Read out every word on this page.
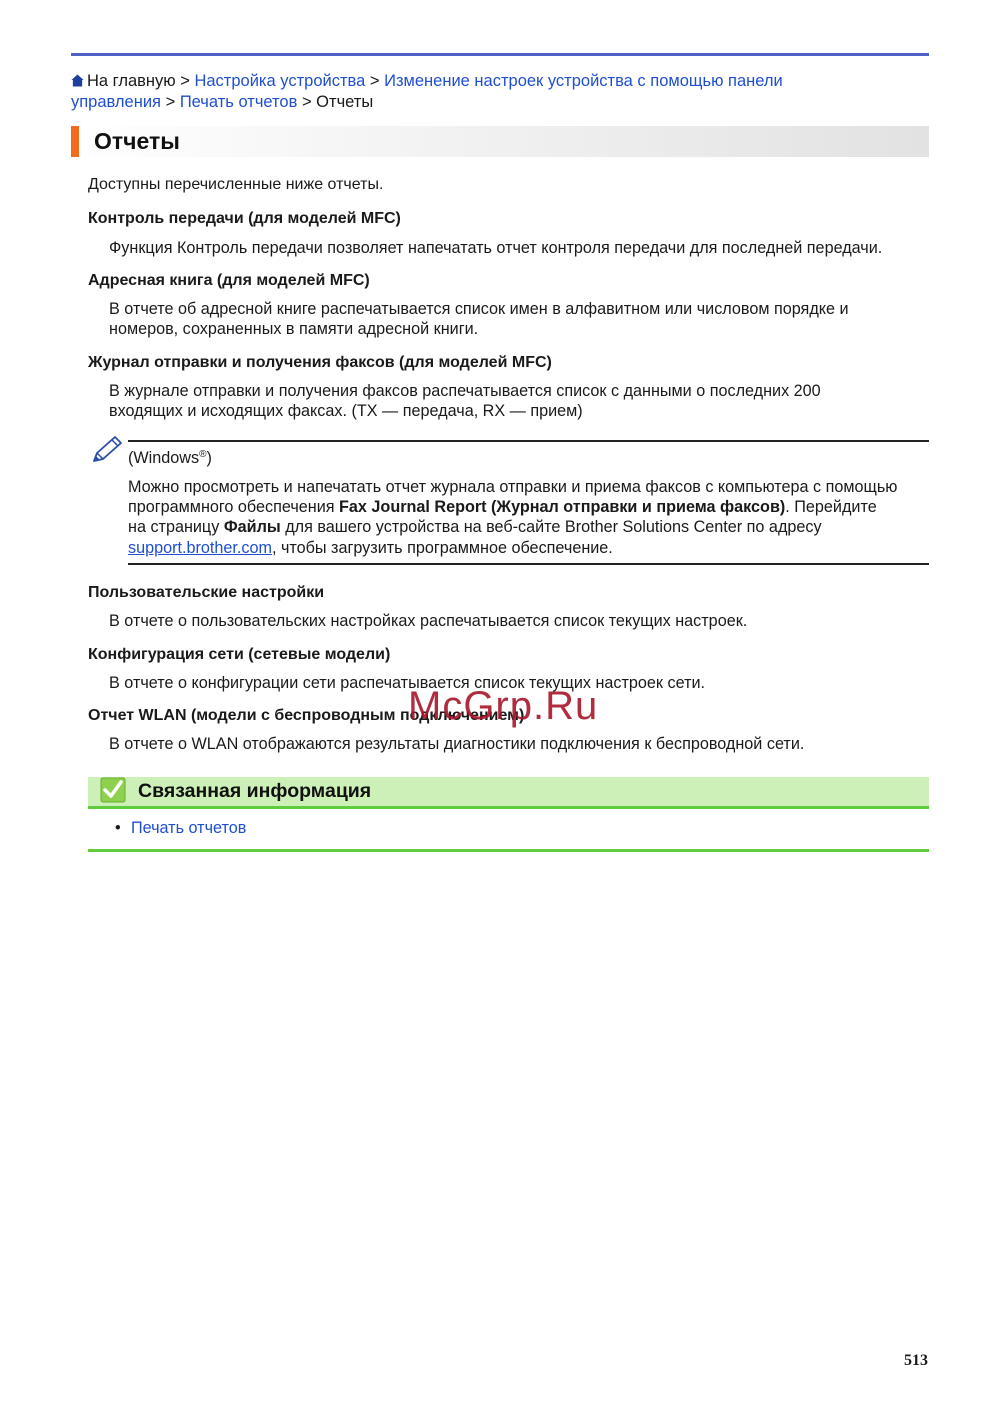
На главную > Настройка устройства > Изменение настроек устройства с помощью панели
управления > Печать отчетов > Отчеты
Отчеты
Доступны перечисленные ниже отчеты.
Контроль передачи (для моделей MFC)
Функция Контроль передачи позволяет напечатать отчет контроля передачи для последней передачи.
Адресная книга (для моделей MFC)
В отчете об адресной книге распечатывается список имен в алфавитном или числовом порядке и
номеров, сохраненных в памяти адресной книги.
Журнал отправки и получения факсов (для моделей MFC)
В журнале отправки и получения факсов распечатывается список с данными о последних 200
входящих и исходящих факсах. (TX — передача, RX — прием)
(Windows®)
Можно просмотреть и напечатать отчет журнала отправки и приема факсов с компьютера с помощью
программного обеспечения Fax Journal Report (Журнал отправки и приема факсов). Перейдите
на страницу Файлы для вашего устройства на веб-сайте Brother Solutions Center по адресу
support.brother.com, чтобы загрузить программное обеспечение.
Пользовательские настройки
В отчете о пользовательских настройках распечатывается список текущих настроек.
Конфигурация сети (сетевые модели)
В отчете о конфигурации сети распечатывается список текущих настроек сети.
Отчет WLAN (модели с беспроводным подключением)
В отчете о WLAN отображаются результаты диагностики подключения к беспроводной сети.
McGrp.Ru
Связанная информация
• Печать отчетов
513
